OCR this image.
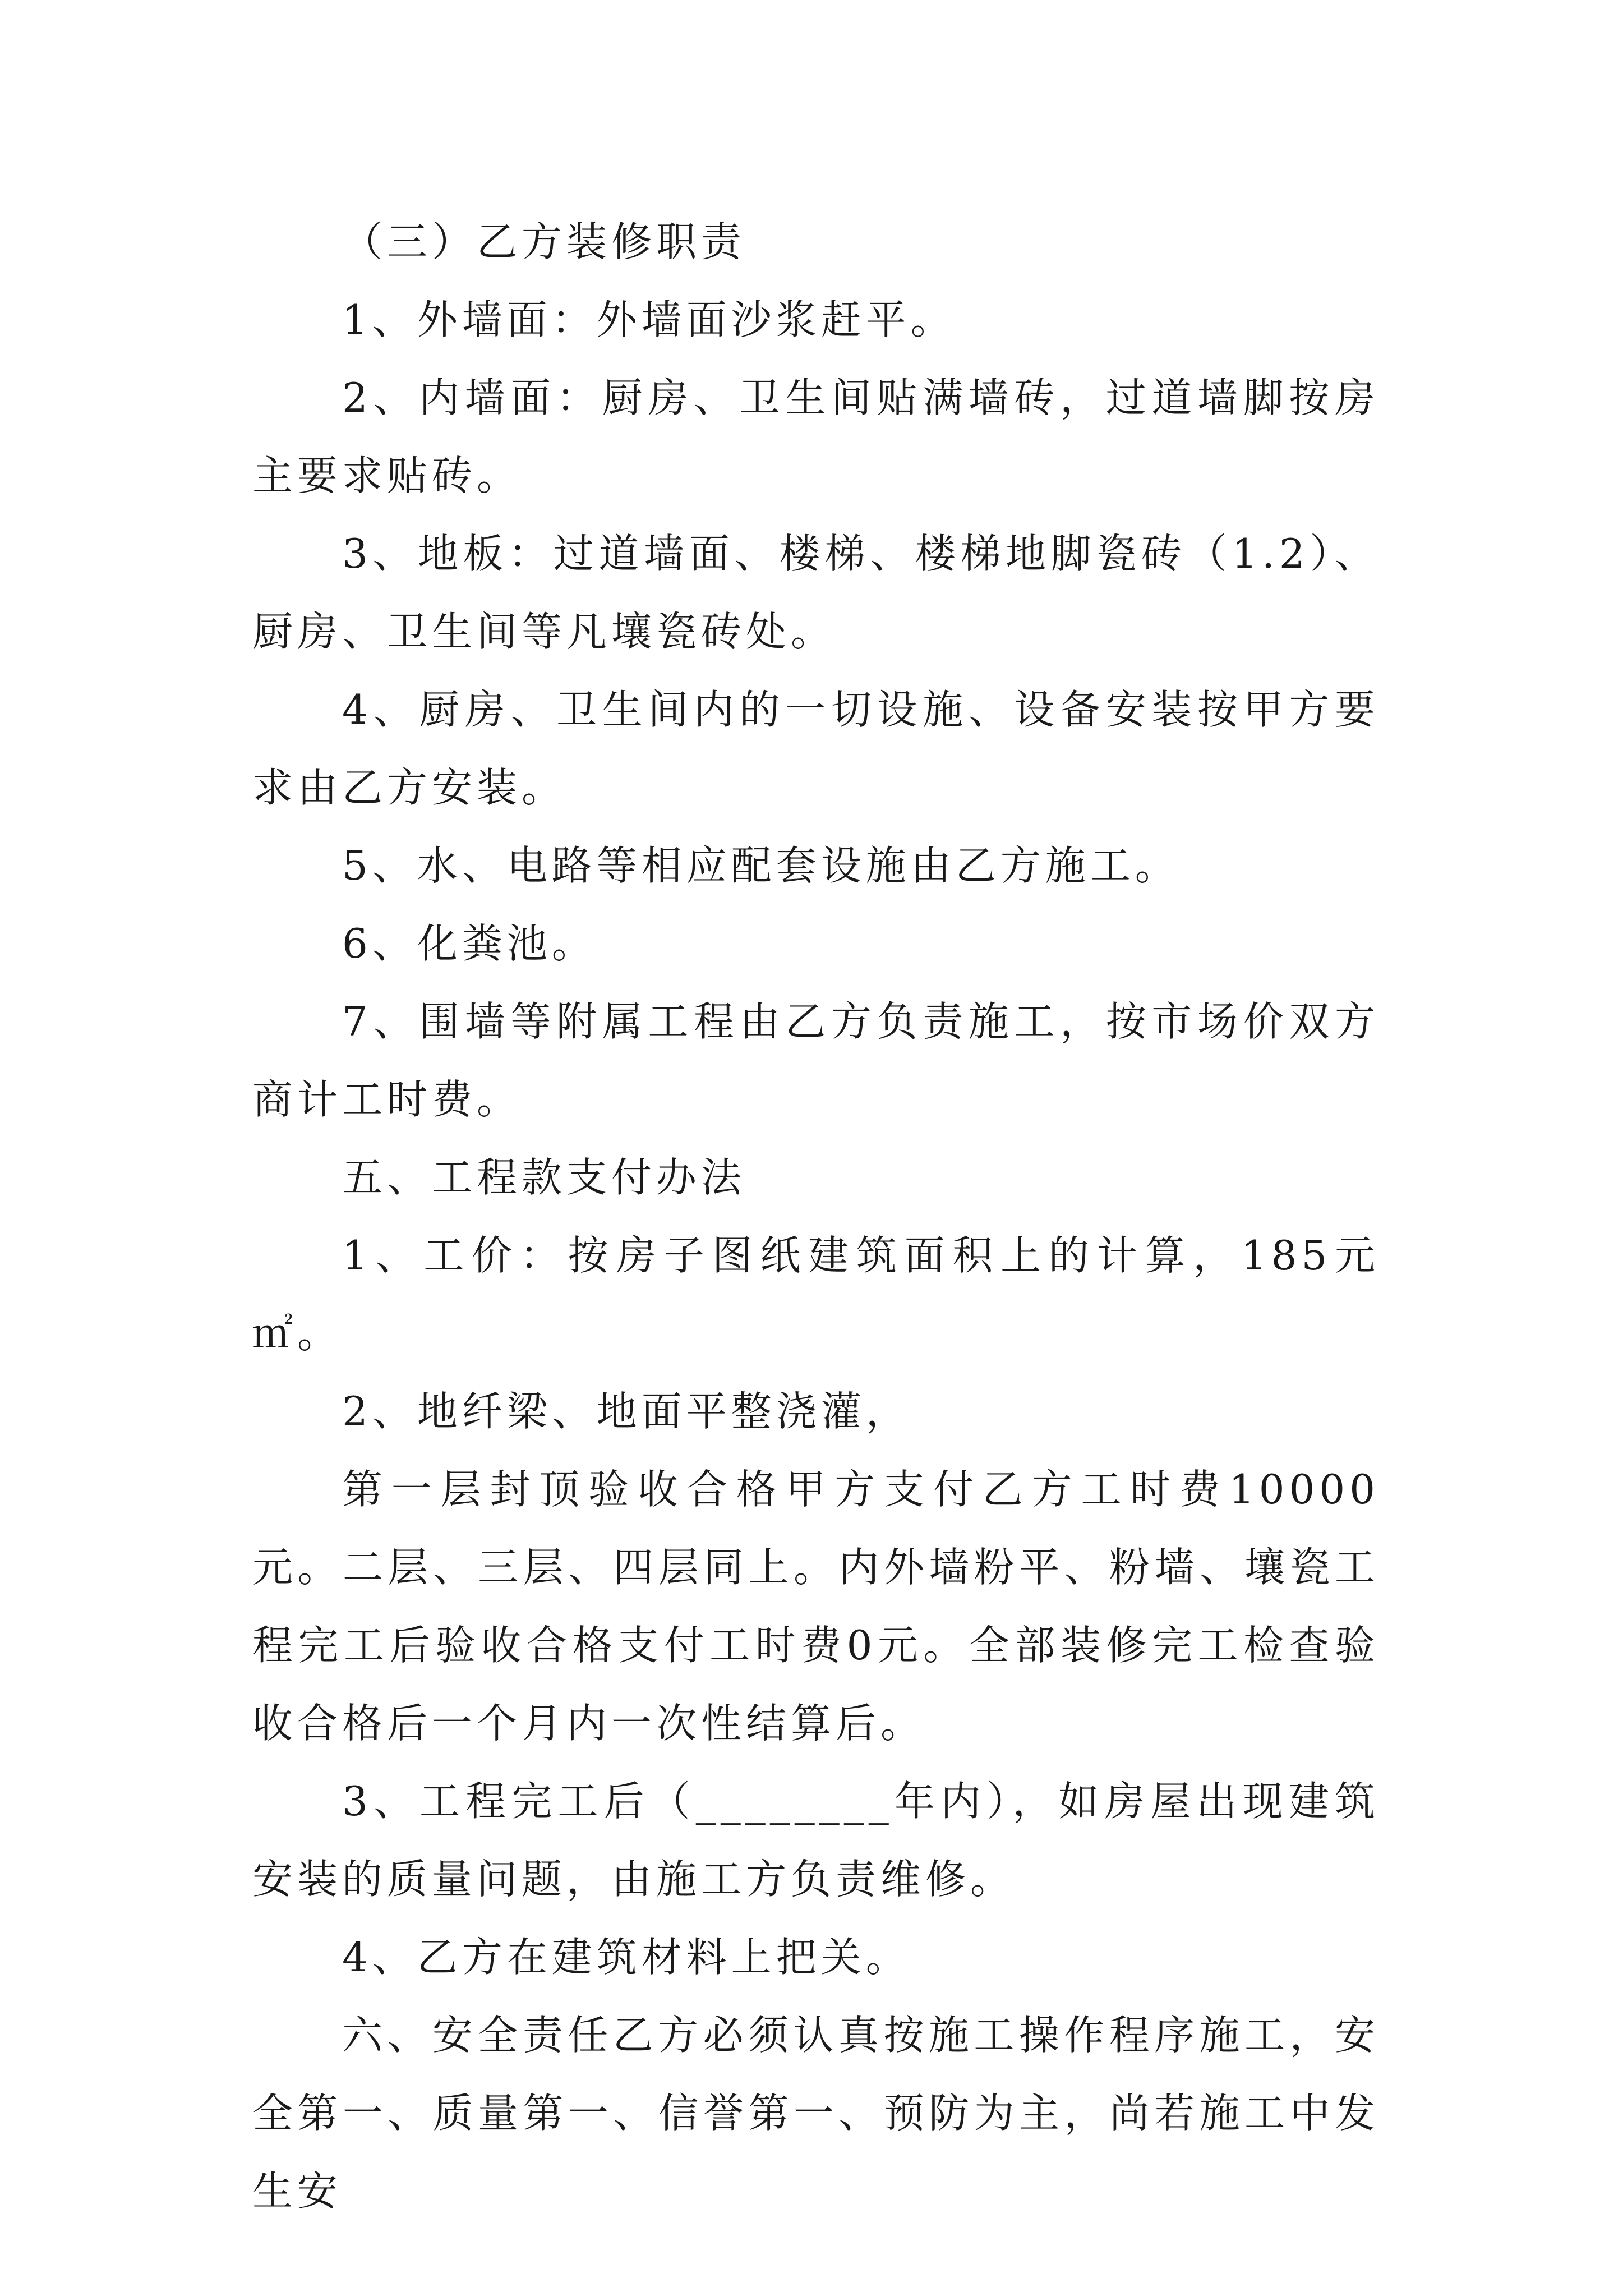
（三）乙方装修职责

1、外墙面：外墙面沙浆赶平。

2、内墙面：厨房、卫生间贴满墙砖，过道墙脚按房主要求贴砖。

3、地板：过道墙面、楼梯、楼梯地脚瓷砖（1.2）、厨房、卫生间等凡壤瓷砖处。

4、厨房、卫生间内的一切设施、设备安装按甲方要求由乙方安装。

5、水、电路等相应配套设施由乙方施工。

6、化粪池。

7、围墙等附属工程由乙方负责施工，按市场价双方商计工时费。

五、工程款支付办法

1、工价：按房子图纸建筑面积上的计算，185元㎡。

2、地纤梁、地面平整浇灌，

第一层封顶验收合格甲方支付乙方工时费10000元。二层、三层、四层同上。内外墙粉平、粉墙、壤瓷工程完工后验收合格支付工时费0元。全部装修完工检查验收合格后一个月内一次性结算后。

3、工程完工后（________年内），如房屋出现建筑安装的质量问题，由施工方负责维修。

4、乙方在建筑材料上把关。

六、安全责任乙方必须认真按施工操作程序施工，安全第一、质量第一、信誉第一、预防为主，尚若施工中发生安
